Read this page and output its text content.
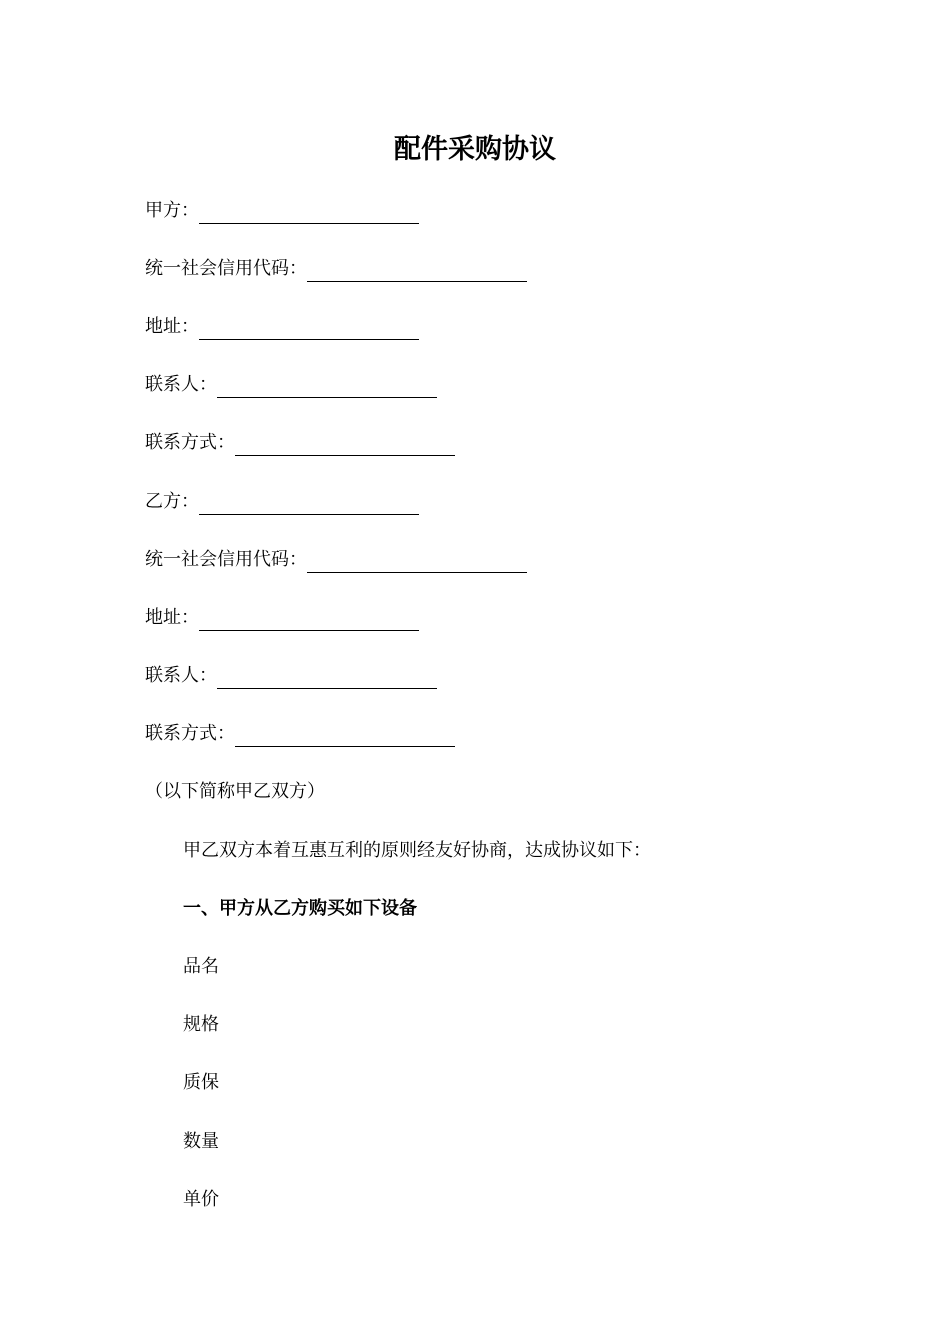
配件采购协议
甲方：
统一社会信用代码：
地址：
联系人：
联系方式：
乙方：
统一社会信用代码：
地址：
联系人：
联系方式：
（以下简称甲乙双方）
甲乙双方本着互惠互利的原则经友好协商，达成协议如下：
一、甲方从乙方购买如下设备
品名
规格
质保
数量
单价
